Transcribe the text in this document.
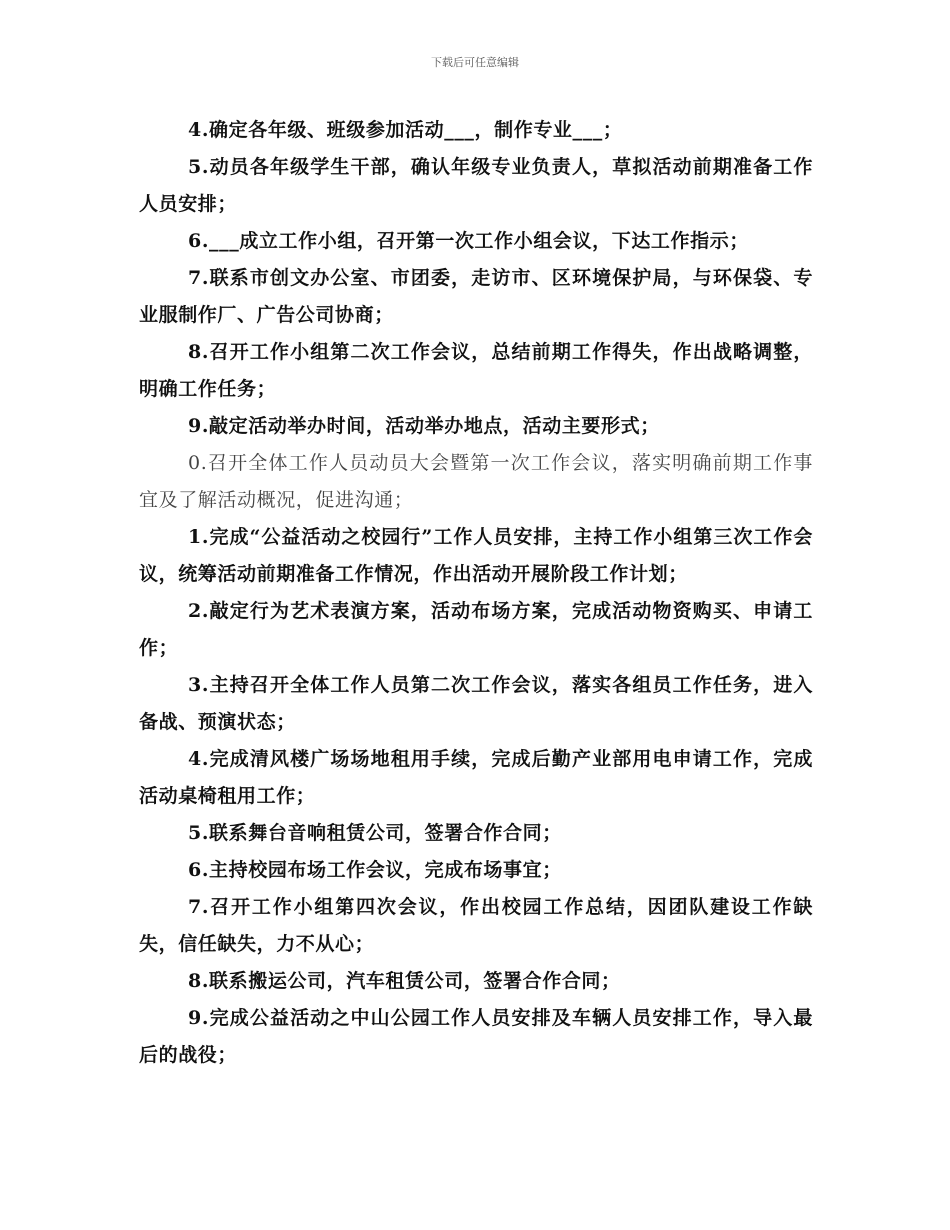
下载后可任意编辑

4.确定各年级、班级参加活动___，制作专业___；

5.动员各年级学生干部，确认年级专业负责人，草拟活动前期准备工作人员安排；

6.___成立工作小组，召开第一次工作小组会议，下达工作指示；

7.联系市创文办公室、市团委，走访市、区环境保护局，与环保袋、专业服制作厂、广告公司协商；

8.召开工作小组第二次工作会议，总结前期工作得失，作出战略调整，明确工作任务；

9.敲定活动举办时间，活动举办地点，活动主要形式；

0.召开全体工作人员动员大会暨第一次工作会议，落实明确前期工作事宜及了解活动概况，促进沟通；

1.完成“公益活动之校园行”工作人员安排，主持工作小组第三次工作会议，统筹活动前期准备工作情况，作出活动开展阶段工作计划；

2.敲定行为艺术表演方案，活动布场方案，完成活动物资购买、申请工作；

3.主持召开全体工作人员第二次工作会议，落实各组员工作任务，进入备战、预演状态；

4.完成清风楼广场场地租用手续，完成后勤产业部用电申请工作，完成活动桌椅租用工作；

5.联系舞台音响租赁公司，签署合作合同；

6.主持校园布场工作会议，完成布场事宜；

7.召开工作小组第四次会议，作出校园工作总结，因团队建设工作缺失，信任缺失，力不从心；

8.联系搬运公司，汽车租赁公司，签署合作合同；

9.完成公益活动之中山公园工作人员安排及车辆人员安排工作，导入最后的战役；
